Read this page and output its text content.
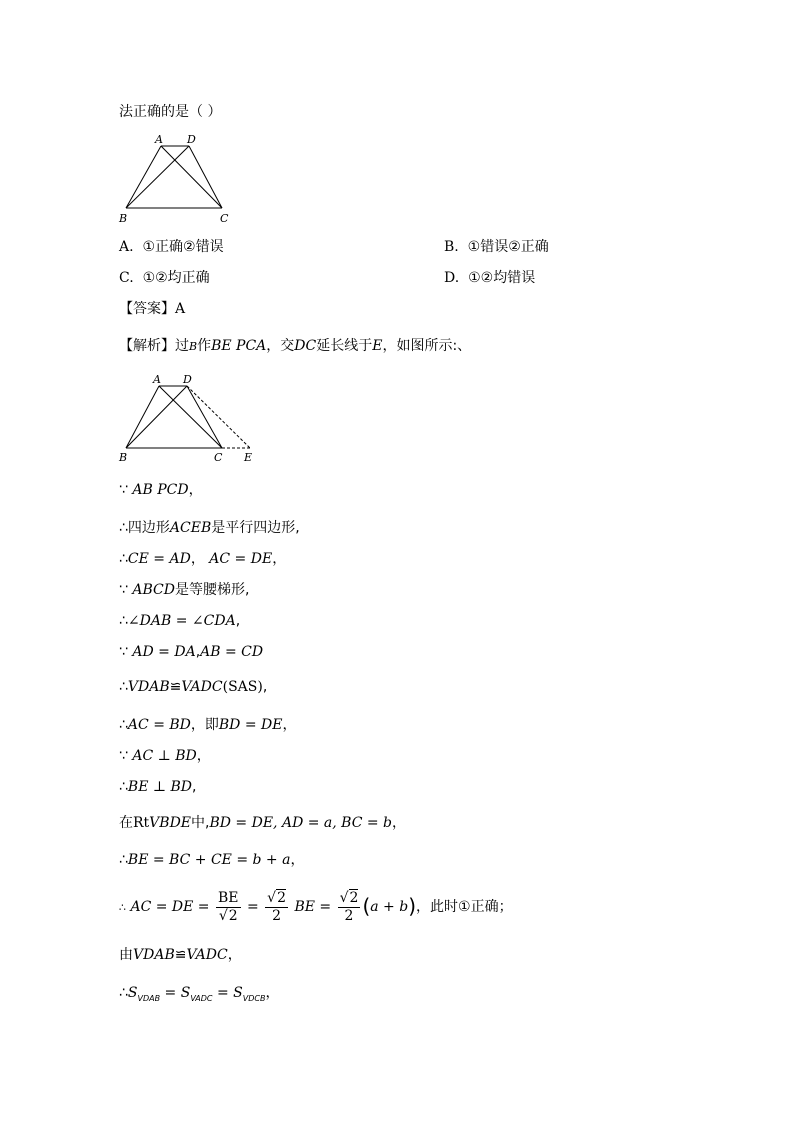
法正确的是（ ）
A D
B	C
A. ①正确②错误	B. ①错误②正确
C. ①②均正确	D. ①②均错误
【答案】A
【解析】过B作BE PCA，交DC延长线于E，如图所示:、
A D
B	C E
∵ AB PCD，
∴四边形ACEB是平行四边形,
∴CE = AD， AC = DE，
∵ ABCD是等腰梯形,
∴∠DAB = ∠CDA,
∵ AD = DA,AB = CD
∴VDAB≌VADC(SAS),
∴AC = BD，即BD = DE，
∵ AC ⊥ BD，
∴BE ⊥ BD,
在RtVBDE中,BD = DE, AD = a, BC = b，
∴BE = BC + CE = b + a，
∴ AC = DE = $\frac{BE}{√2} = \frac{√2}{2}$ BE = $\frac{√2}{2} (a + b)$，此时①正确；
由VDAB≌VADC，
$\therefore S_{VDAB} = S_{VADC} = S_{VDCB}$，
